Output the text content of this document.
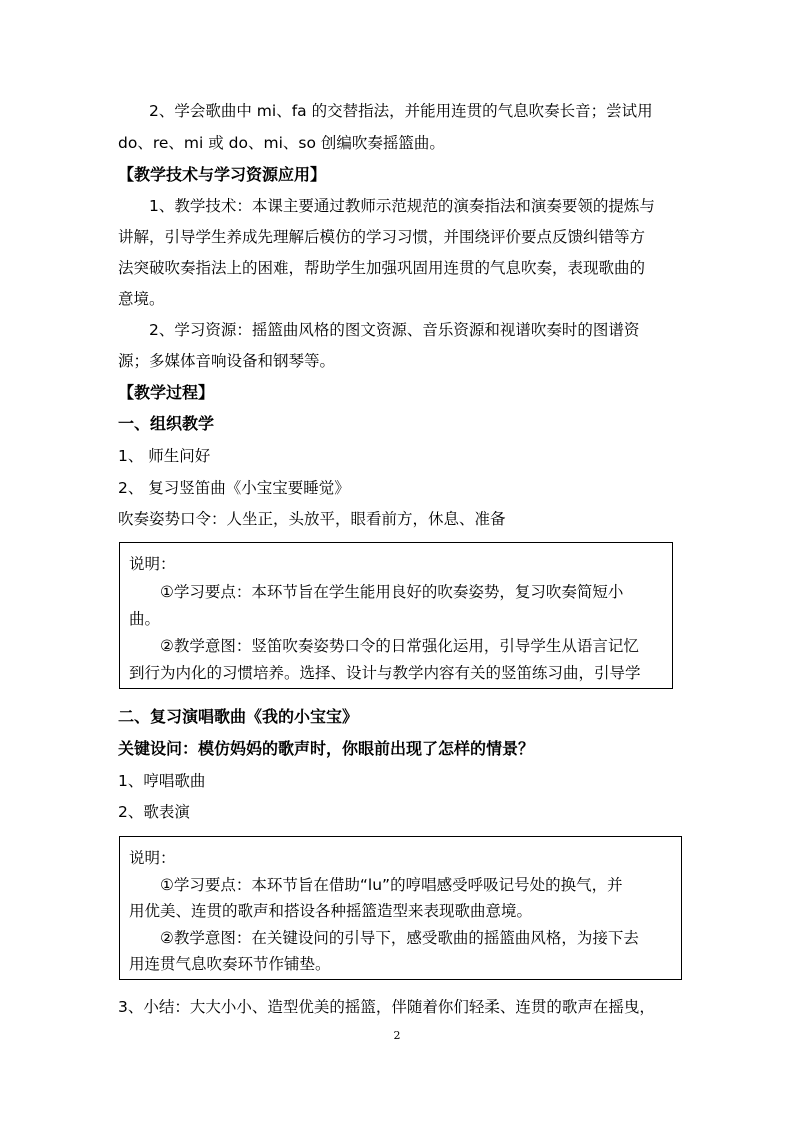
2、学会歌曲中 mi、fa 的交替指法，并能用连贯的气息吹奏长音；尝试用
do、re、mi 或 do、mi、so 创编吹奏摇篮曲。
【教学技术与学习资源应用】
1、教学技术：本课主要通过教师示范规范的演奏指法和演奏要领的提炼与
讲解，引导学生养成先理解后模仿的学习习惯，并围绕评价要点反馈纠错等方
法突破吹奏指法上的困难，帮助学生加强巩固用连贯的气息吹奏，表现歌曲的
意境。
2、学习资源：摇篮曲风格的图文资源、音乐资源和视谱吹奏时的图谱资
源；多媒体音响设备和钢琴等。
【教学过程】
一、组织教学
1、 师生问好
2、 复习竖笛曲《小宝宝要睡觉》
吹奏姿势口令：人坐正，头放平，眼看前方，休息、准备
说明：
①学习要点：本环节旨在学生能用良好的吹奏姿势，复习吹奏简短小
曲。
②教学意图：竖笛吹奏姿势口令的日常强化运用，引导学生从语言记忆
到行为内化的习惯培养。选择、设计与教学内容有关的竖笛练习曲，引导学
二、复习演唱歌曲《我的小宝宝》
关键设问：模仿妈妈的歌声时，你眼前出现了怎样的情景？
1、哼唱歌曲
2、歌表演
说明：
①学习要点：本环节旨在借助“lu”的哼唱感受呼吸记号处的换气，并
用优美、连贯的歌声和搭设各种摇篮造型来表现歌曲意境。
②教学意图：在关键设问的引导下，感受歌曲的摇篮曲风格，为接下去
用连贯气息吹奏环节作铺垫。
3、小结：大大小小、造型优美的摇篮，伴随着你们轻柔、连贯的歌声在摇曳，
2
